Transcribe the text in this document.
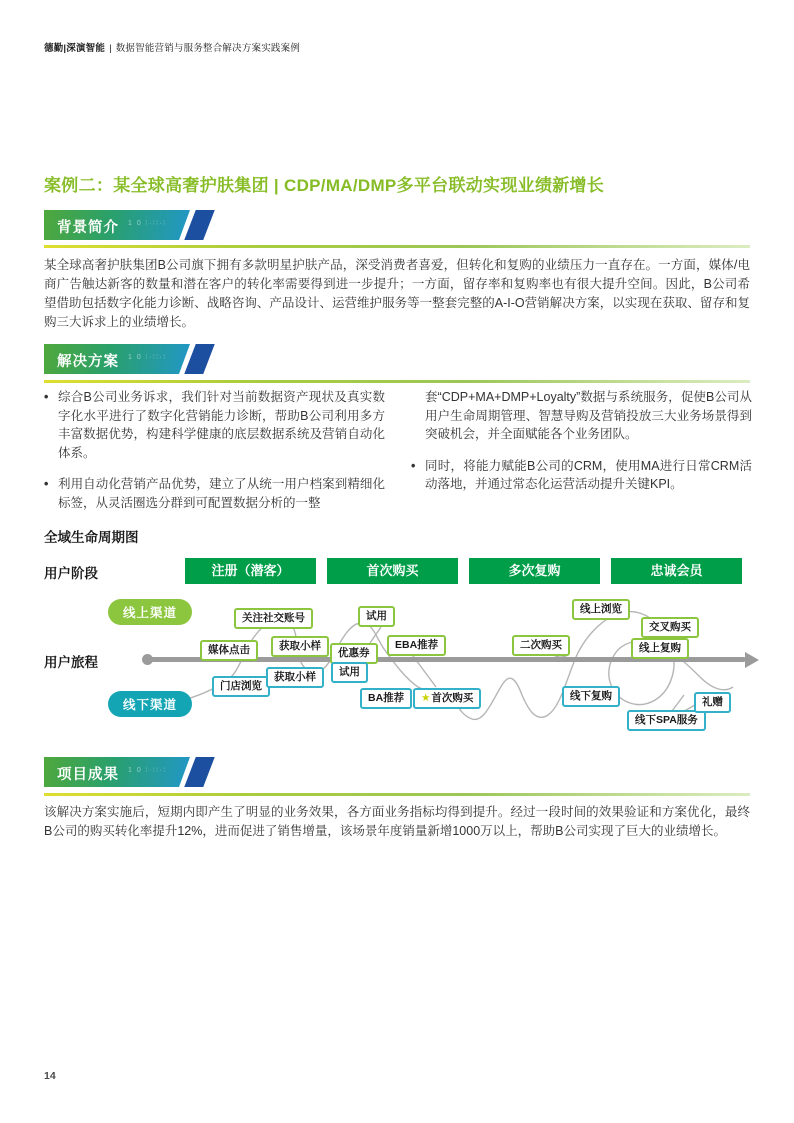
德勤|深演智能 | 数据智能营销与服务整合解决方案实践案例
案例二：某全球高奢护肤集团 | CDP/MA/DMP多平台联动实现业绩新增长
背景简介 1 0 ∶·∶∶·∶
某全球高奢护肤集团B公司旗下拥有多款明星护肤产品，深受消费者喜爱，但转化和复购的业绩压力一直存在。一方面，媒体/电商广告触达新客的数量和潜在客户的转化率需要得到进一步提升；一方面，留存率和复购率也有很大提升空间。因此，B公司希望借助包括数字化能力诊断、战略咨询、产品设计、运营维护服务等一整套完整的A-I-O营销解决方案，以实现在获取、留存和复购三大诉求上的业绩增长。
解决方案 1 0 ∶·∶∶·∶
• 综合B公司业务诉求，我们针对当前数据资产现状及真实数字化水平进行了数字化营销能力诊断，帮助B公司利用多方丰富数据优势，构建科学健康的底层数据系统及营销自动化体系。
• 利用自动化营销产品优势，建立了从统一用户档案到精细化标签，从灵活圈选分群到可配置数据分析的一整
套“CDP+MA+DMP+Loyalty”数据与系统服务，促使B公司从用户生命周期管理、智慧导购及营销投放三大业务场景得到突破机会，并全面赋能各个业务团队。
• 同时，将能力赋能B公司的CRM，使用MA进行日常CRM活动落地，并通过常态化运营活动提升关键KPI。
全域生命周期图
用户阶段	注册（潜客）	首次购买	多次复购	忠诚会员
用户旅程
线上渠道
线下渠道
媒体点击
关注社交账号
获取小样
试用
优惠券
EBA推荐	二次购买
线上浏览
交叉购买
线上复购
门店浏览
获取小样	试用
BA推荐	★首次购买	线下复购
线下SPA服务
礼赠
项目成果 1 0 ∶·∶∶·∶
该解决方案实施后，短期内即产生了明显的业务效果，各方面业务指标均得到提升。经过一段时间的效果验证和方案优化，最终B公司的购买转化率提升12%，进而促进了销售增量，该场景年度销量新增1000万以上，帮助B公司实现了巨大的业绩增长。
14
